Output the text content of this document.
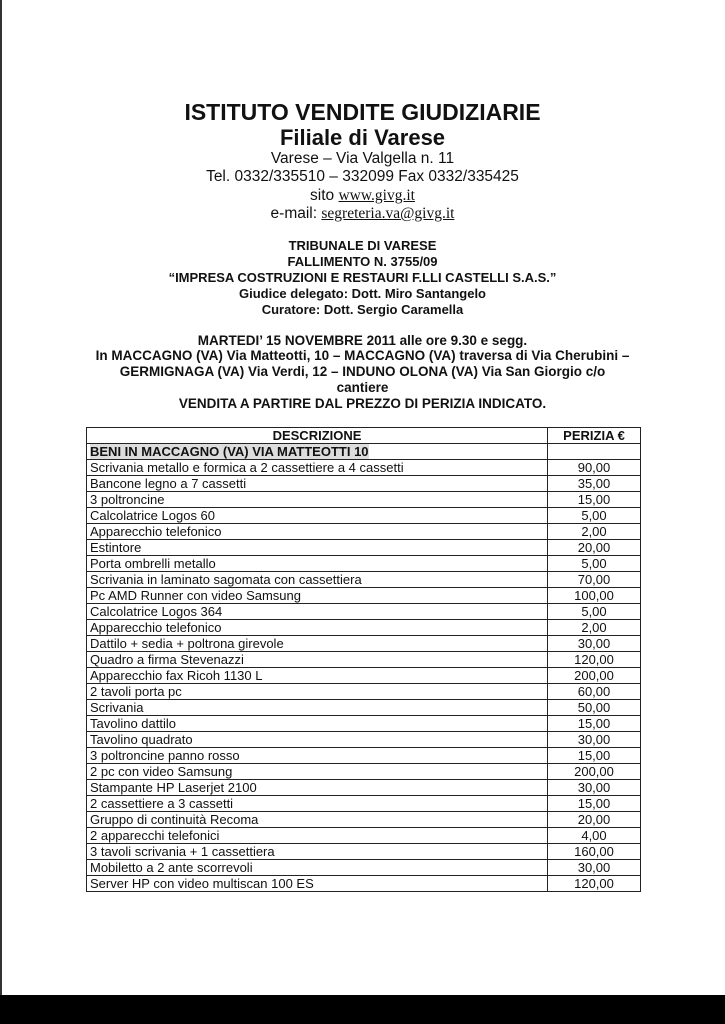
ISTITUTO VENDITE GIUDIZIARIE
Filiale di Varese
Varese – Via Valgella n. 11
Tel. 0332/335510 – 332099 Fax 0332/335425
sito www.givg.it
e-mail: segreteria.va@givg.it
TRIBUNALE DI VARESE
FALLIMENTO N. 3755/09
“IMPRESA COSTRUZIONI E RESTAURI F.LLI CASTELLI S.A.S.”
Giudice delegato: Dott. Miro Santangelo
Curatore: Dott. Sergio Caramella
MARTEDI’ 15 NOVEMBRE 2011 alle ore 9.30 e segg.
In MACCAGNO (VA) Via Matteotti, 10 – MACCAGNO (VA) traversa di Via Cherubini –
GERMIGNAGA (VA) Via Verdi, 12 – INDUNO OLONA (VA) Via San Giorgio c/o
cantiere
VENDITA A PARTIRE DAL PREZZO DI PERIZIA INDICATO.
DESCRIZIONE	PERIZIA €
BENI IN MACCAGNO (VA) VIA MATTEOTTI 10	
Scrivania metallo e formica a 2 cassettiere a 4 cassetti	90,00
Bancone legno a 7 cassetti	35,00
3 poltroncine	15,00
Calcolatrice Logos 60	5,00
Apparecchio telefonico	2,00
Estintore	20,00
Porta ombrelli metallo	5,00
Scrivania in laminato sagomata con cassettiera	70,00
Pc AMD Runner con video Samsung	100,00
Calcolatrice Logos 364	5,00
Apparecchio telefonico	2,00
Dattilo + sedia + poltrona girevole	30,00
Quadro a firma Stevenazzi	120,00
Apparecchio fax Ricoh 1130 L	200,00
2 tavoli porta pc	60,00
Scrivania	50,00
Tavolino dattilo	15,00
Tavolino quadrato	30,00
3 poltroncine panno rosso	15,00
2 pc con video Samsung	200,00
Stampante HP Laserjet 2100	30,00
2 cassettiere a 3 cassetti	15,00
Gruppo di continuità Recoma	20,00
2 apparecchi telefonici	4,00
3 tavoli scrivania + 1 cassettiera	160,00
Mobiletto a 2 ante scorrevoli	30,00
Server HP con video multiscan 100 ES	120,00
